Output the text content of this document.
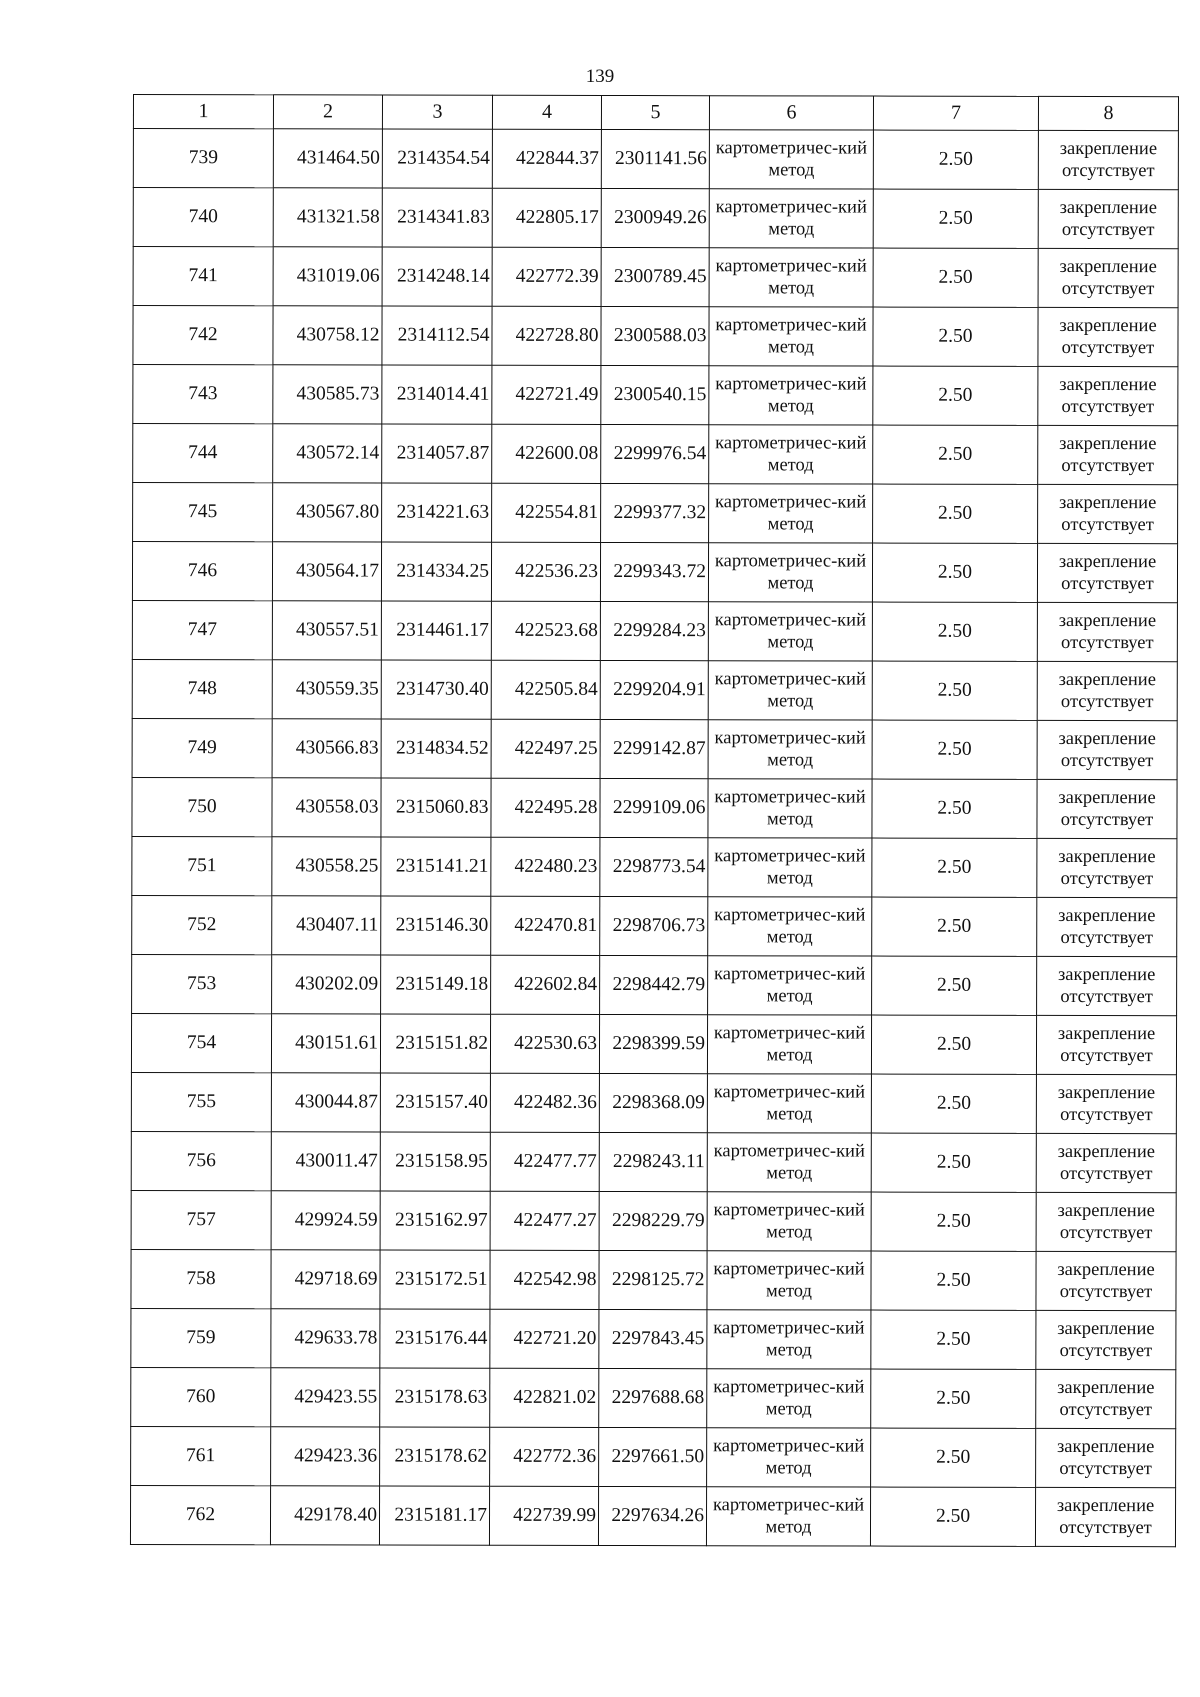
139
1	2	3	4	5	6	7	8
739	431464.50	2314354.54	422844.37	2301141.56	картометричес-кий метод	2.50	закрепление отсутствует
740	431321.58	2314341.83	422805.17	2300949.26	картометричес-кий метод	2.50	закрепление отсутствует
741	431019.06	2314248.14	422772.39	2300789.45	картометричес-кий метод	2.50	закрепление отсутствует
742	430758.12	2314112.54	422728.80	2300588.03	картометричес-кий метод	2.50	закрепление отсутствует
743	430585.73	2314014.41	422721.49	2300540.15	картометричес-кий метод	2.50	закрепление отсутствует
744	430572.14	2314057.87	422600.08	2299976.54	картометричес-кий метод	2.50	закрепление отсутствует
745	430567.80	2314221.63	422554.81	2299377.32	картометричес-кий метод	2.50	закрепление отсутствует
746	430564.17	2314334.25	422536.23	2299343.72	картометричес-кий метод	2.50	закрепление отсутствует
747	430557.51	2314461.17	422523.68	2299284.23	картометричес-кий метод	2.50	закрепление отсутствует
748	430559.35	2314730.40	422505.84	2299204.91	картометричес-кий метод	2.50	закрепление отсутствует
749	430566.83	2314834.52	422497.25	2299142.87	картометричес-кий метод	2.50	закрепление отсутствует
750	430558.03	2315060.83	422495.28	2299109.06	картометричес-кий метод	2.50	закрепление отсутствует
751	430558.25	2315141.21	422480.23	2298773.54	картометричес-кий метод	2.50	закрепление отсутствует
752	430407.11	2315146.30	422470.81	2298706.73	картометричес-кий метод	2.50	закрепление отсутствует
753	430202.09	2315149.18	422602.84	2298442.79	картометричес-кий метод	2.50	закрепление отсутствует
754	430151.61	2315151.82	422530.63	2298399.59	картометричес-кий метод	2.50	закрепление отсутствует
755	430044.87	2315157.40	422482.36	2298368.09	картометричес-кий метод	2.50	закрепление отсутствует
756	430011.47	2315158.95	422477.77	2298243.11	картометричес-кий метод	2.50	закрепление отсутствует
757	429924.59	2315162.97	422477.27	2298229.79	картометричес-кий метод	2.50	закрепление отсутствует
758	429718.69	2315172.51	422542.98	2298125.72	картометричес-кий метод	2.50	закрепление отсутствует
759	429633.78	2315176.44	422721.20	2297843.45	картометричес-кий метод	2.50	закрепление отсутствует
760	429423.55	2315178.63	422821.02	2297688.68	картометричес-кий метод	2.50	закрепление отсутствует
761	429423.36	2315178.62	422772.36	2297661.50	картометричес-кий метод	2.50	закрепление отсутствует
762	429178.40	2315181.17	422739.99	2297634.26	картометричес-кий метод	2.50	закрепление отсутствует
